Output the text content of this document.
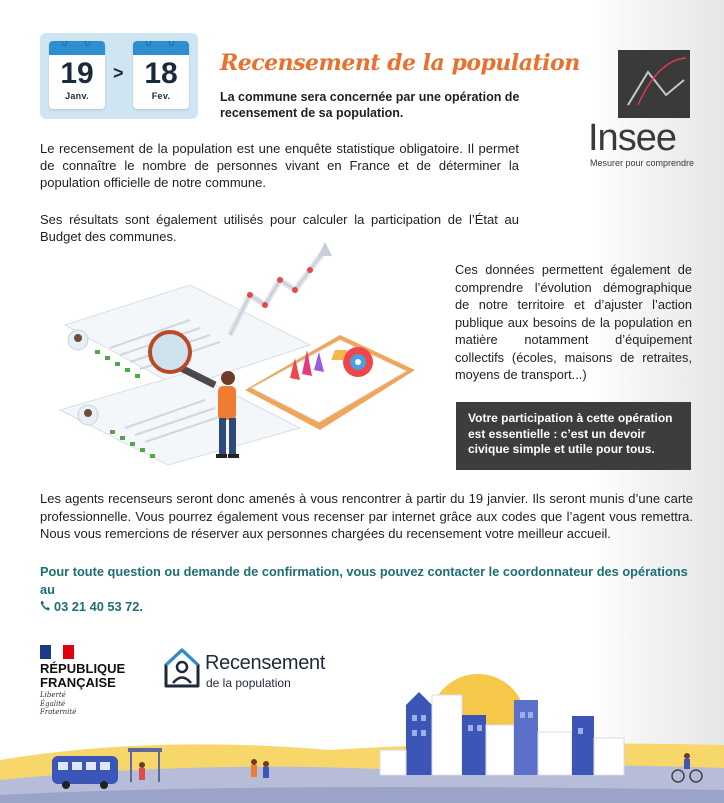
19
Janv.
> 18
Fev.
Recensement de la population
La commune sera concernée par une opération de recensement de sa population.
Insee
Mesurer pour comprendre
Le recensement de la population est une enquête statistique obligatoire. Il permet de connaître le nombre de personnes vivant en France et de déterminer la population officielle de notre commune.
Ses résultats sont également utilisés pour calculer la participation de l’État au Budget des communes.
Ces données permettent également de comprendre l’évolution démographique de notre territoire et d’ajuster l’action publique aux besoins de la population en matière notamment d’équipement collectifs (écoles, maisons de retraites, moyens de transport...)
Votre participation à cette opération est essentielle : c’est un devoir civique simple et utile pour tous.
Les agents recenseurs seront donc amenés à vous rencontrer à partir du 19 janvier. Ils seront munis d’une carte professionnelle. Vous pourrez également vous recenser par internet grâce aux codes que l’agent vous remettra. Nous vous remercions de réserver aux personnes chargées du recensement votre meilleur accueil.
Pour toute question ou demande de confirmation, vous pouvez contacter le coordonnateur des opérations au
03 21 40 53 72.
RÉPUBLIQUE
FRANÇAISE
Liberté
Égalité
Fraternité
Recensement
de la population
